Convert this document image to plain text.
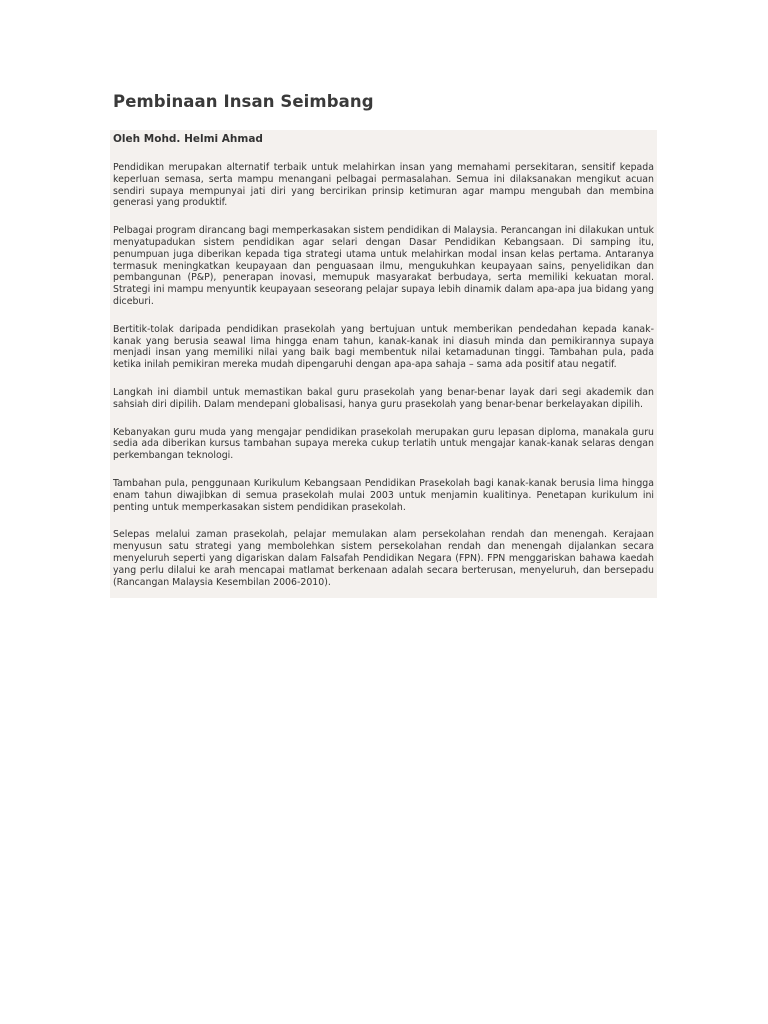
Pembinaan Insan Seimbang

Oleh Mohd. Helmi Ahmad

Pendidikan merupakan alternatif terbaik untuk melahirkan insan yang memahami persekitaran, sensitif kepada keperluan semasa, serta mampu menangani pelbagai permasalahan. Semua ini dilaksanakan mengikut acuan sendiri supaya mempunyai jati diri yang bercirikan prinsip ketimuran agar mampu mengubah dan membina generasi yang produktif.

Pelbagai program dirancang bagi memperkasakan sistem pendidikan di Malaysia. Perancangan ini dilakukan untuk menyatupadukan sistem pendidikan agar selari dengan Dasar Pendidikan Kebangsaan. Di samping itu, penumpuan juga diberikan kepada tiga strategi utama untuk melahirkan modal insan kelas pertama. Antaranya termasuk meningkatkan keupayaan dan penguasaan ilmu, mengukuhkan keupayaan sains, penyelidikan dan pembangunan (P&P), penerapan inovasi, memupuk masyarakat berbudaya, serta memiliki kekuatan moral. Strategi ini mampu menyuntik keupayaan seseorang pelajar supaya lebih dinamik dalam apa-apa jua bidang yang diceburi.

Bertitik-tolak daripada pendidikan prasekolah yang bertujuan untuk memberikan pendedahan kepada kanak-kanak yang berusia seawal lima hingga enam tahun, kanak-kanak ini diasuh minda dan pemikirannya supaya menjadi insan yang memiliki nilai yang baik bagi membentuk nilai ketamadunan tinggi. Tambahan pula, pada ketika inilah pemikiran mereka mudah dipengaruhi dengan apa-apa sahaja – sama ada positif atau negatif.

Langkah ini diambil untuk memastikan bakal guru prasekolah yang benar-benar layak dari segi akademik dan sahsiah diri dipilih. Dalam mendepani globalisasi, hanya guru prasekolah yang benar-benar berkelayakan dipilih.

Kebanyakan guru muda yang mengajar pendidikan prasekolah merupakan guru lepasan diploma, manakala guru sedia ada diberikan kursus tambahan supaya mereka cukup terlatih untuk mengajar kanak-kanak selaras dengan perkembangan teknologi.

Tambahan pula, penggunaan Kurikulum Kebangsaan Pendidikan Prasekolah bagi kanak-kanak berusia lima hingga enam tahun diwajibkan di semua prasekolah mulai 2003 untuk menjamin kualitinya. Penetapan kurikulum ini penting untuk memperkasakan sistem pendidikan prasekolah.

Selepas melalui zaman prasekolah, pelajar memulakan alam persekolahan rendah dan menengah. Kerajaan menyusun satu strategi yang membolehkan sistem persekolahan rendah dan menengah dijalankan secara menyeluruh seperti yang digariskan dalam Falsafah Pendidikan Negara (FPN). FPN menggariskan bahawa kaedah yang perlu dilalui ke arah mencapai matlamat berkenaan adalah secara berterusan, menyeluruh, dan bersepadu (Rancangan Malaysia Kesembilan 2006-2010).
